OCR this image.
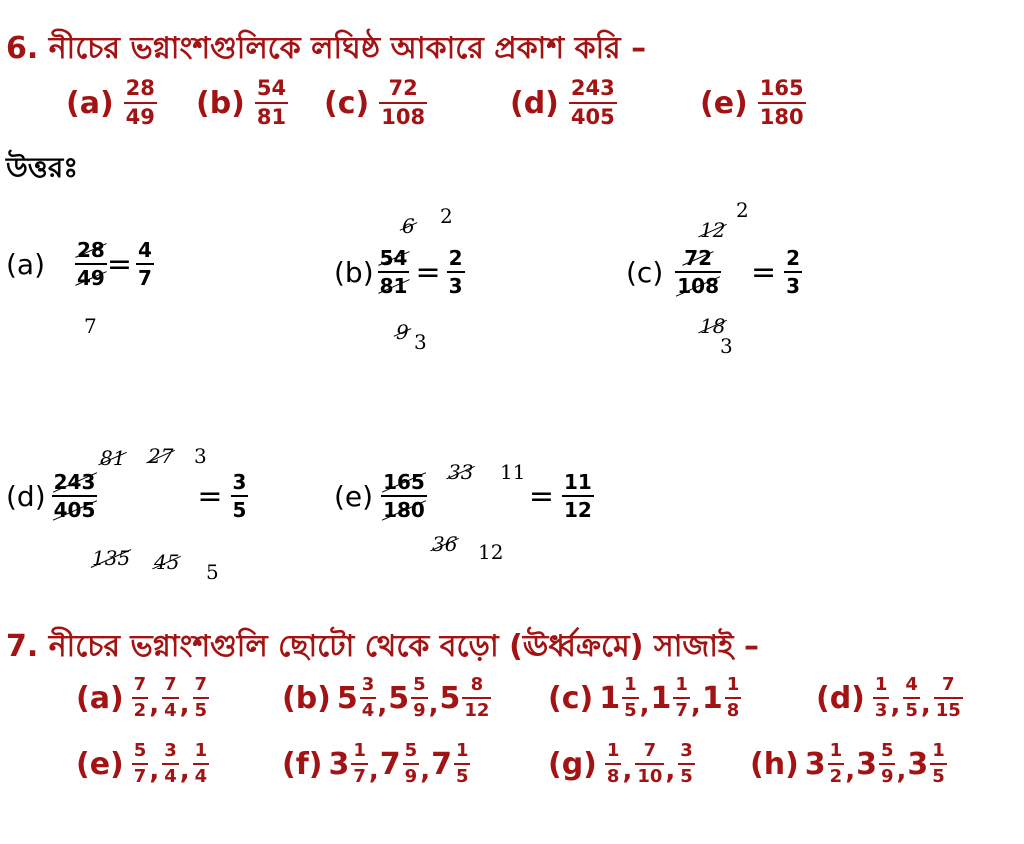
6. নীচের ভগ্নাংশগুলিকে লঘিষ্ঠ আকারে প্রকাশ করি –
$(a) \frac{28}{49} (b) \frac{54}{81} (c) \frac{72}{108}$	$(d) \frac{243}{405}$	$(e) \frac{165}{180}$
উত্তরঃ
$(a) \frac{28}{49} = \frac{4}{7}$
7
6 2
$(b) \frac{54}{81} = \frac{2}{3}$
9 3
12
2
$(c) \frac{72}{108} = \frac{2}{3}$
18
3
81 27 3
$(d) \frac{243}{405}$	= $\frac{3}{5}$
135 45 5
33 11
$(e) \frac{165}{180}$	= $\frac{11}{12}$
36 12
7. নীচের ভগ্নাংশগুলি ছোটো থেকে বড়ো (ঊর্ধ্বক্রমে) সাজাই –
$(a) \frac{7}{2}$ , $\frac{7}{4}$ , $\frac{7}{5} (b)$ $5 \frac{3}{4}$ , $5 \frac{5}{9}$ , $5 \frac{8}{12} (c)$ $1 \frac{1}{5}$ , $1 \frac{1}{7}$ , $1 \frac{1}{8} (d) \frac{1}{3}$ , $\frac{4}{5}$ , $\frac{7}{15}$
$(e) \frac{5}{7}$ , $\frac{3}{4}$ , $\frac{1}{4} (f)$ $3 \frac{1}{7}$ , $7 \frac{5}{9}$ , $7 \frac{1}{5}$	$(g) \frac{1}{8}$ , $\frac{7}{10}$ , $\frac{3}{5} (h)$ $3 \frac{1}{2}$ , $3 \frac{5}{9}$ , $3 \frac{1}{5}$
